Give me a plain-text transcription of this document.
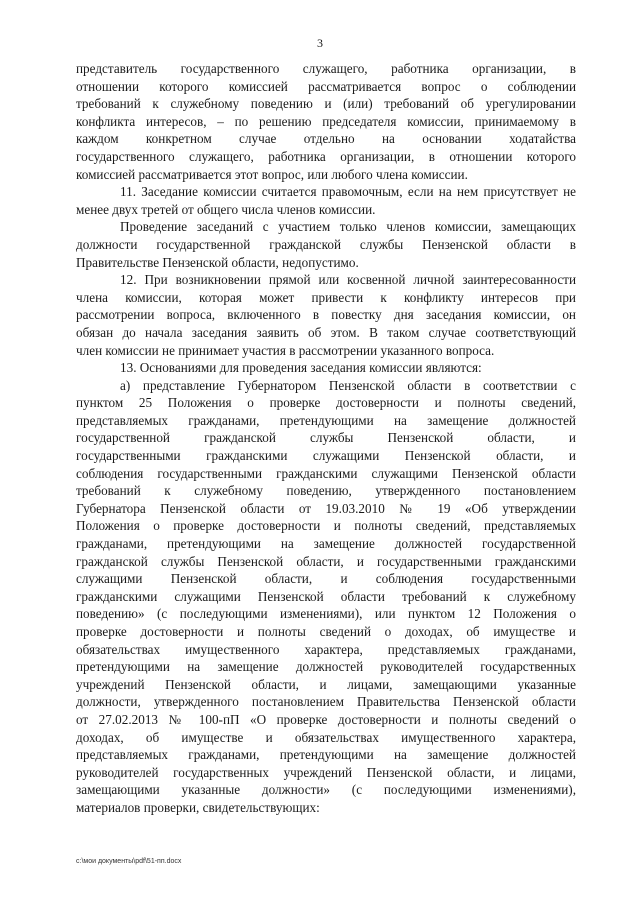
3
представитель государственного служащего, работника организации, в
отношении которого комиссией рассматривается вопрос о соблюдении
требований к служебному поведению и (или) требований об урегулировании
конфликта интересов, – по решению председателя комиссии, принимаемому в
каждом конкретном случае отдельно на основании ходатайства
государственного служащего, работника организации, в отношении которого
комиссией рассматривается этот вопрос, или любого члена комиссии.
11. Заседание комиссии считается правомочным, если на нем присутствует не
менее двух третей от общего числа членов комиссии.
Проведение заседаний с участием только членов комиссии, замещающих
должности государственной гражданской службы Пензенской области в
Правительстве Пензенской области, недопустимо.
12. При возникновении прямой или косвенной личной заинтересованности
члена комиссии, которая может привести к конфликту интересов при
рассмотрении вопроса, включенного в повестку дня заседания комиссии, он
обязан до начала заседания заявить об этом. В таком случае соответствующий
член комиссии не принимает участия в рассмотрении указанного вопроса.
13. Основаниями для проведения заседания комиссии являются:
а) представление Губернатором Пензенской области в соответствии с
пунктом 25 Положения о проверке достоверности и полноты сведений,
представляемых гражданами, претендующими на замещение должностей
государственной гражданской службы Пензенской области, и
государственными гражданскими служащими Пензенской области, и
соблюдения государственными гражданскими служащими Пензенской области
требований к служебному поведению, утвержденного постановлением
Губернатора Пензенской области от 19.03.2010 № 19 «Об утверждении
Положения о проверке достоверности и полноты сведений, представляемых
гражданами, претендующими на замещение должностей государственной
гражданской службы Пензенской области, и государственными гражданскими
служащими Пензенской области, и соблюдения государственными
гражданскими служащими Пензенской области требований к служебному
поведению» (с последующими изменениями), или пунктом 12 Положения о
проверке достоверности и полноты сведений о доходах, об имуществе и
обязательствах имущественного характера, представляемых гражданами,
претендующими на замещение должностей руководителей государственных
учреждений Пензенской области, и лицами, замещающими указанные
должности, утвержденного постановлением Правительства Пензенской области
от 27.02.2013 № 100-пП «О проверке достоверности и полноты сведений о
доходах, об имуществе и обязательствах имущественного характера,
представляемых гражданами, претендующими на замещение должностей
руководителей государственных учреждений Пензенской области, и лицами,
замещающими указанные должности» (с последующими изменениями),
материалов проверки, свидетельствующих:
c:\мои документы\pdf\51-пп.docx
